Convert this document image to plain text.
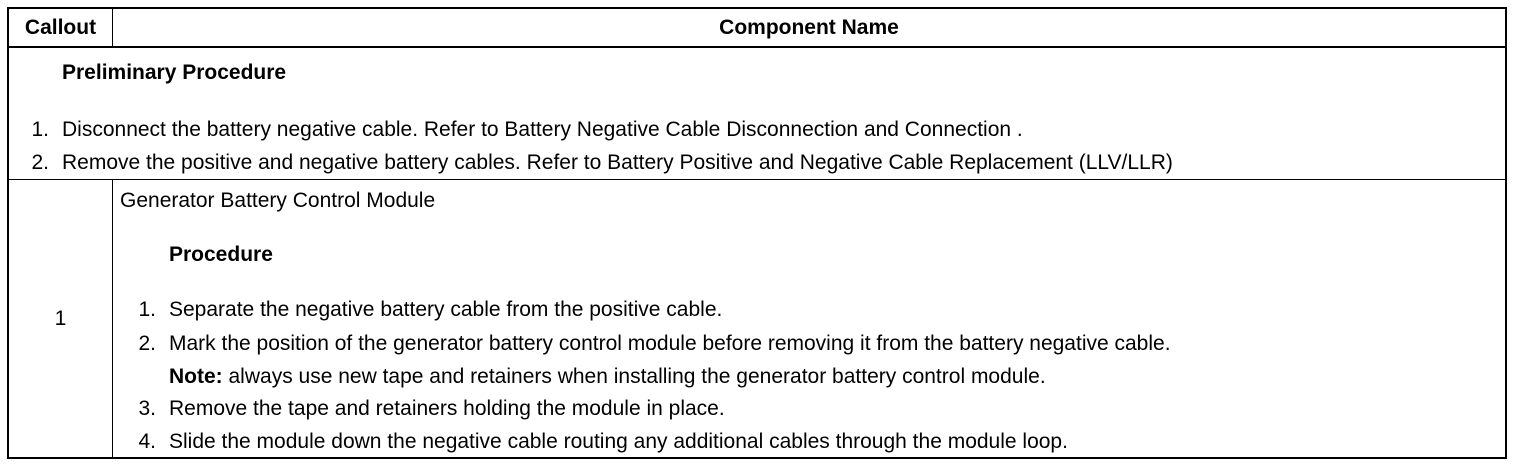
Callout	Component Name
Preliminary Procedure
1. Disconnect the battery negative cable. Refer to Battery Negative Cable Disconnection and Connection .
2. Remove the positive and negative battery cables. Refer to Battery Positive and Negative Cable Replacement (LLV/LLR)
1
Generator Battery Control Module
Procedure
1. Separate the negative battery cable from the positive cable.
2. Mark the position of the generator battery control module before removing it from the battery negative cable.
Note: always use new tape and retainers when installing the generator battery control module.
3. Remove the tape and retainers holding the module in place.
4. Slide the module down the negative cable routing any additional cables through the module loop.
